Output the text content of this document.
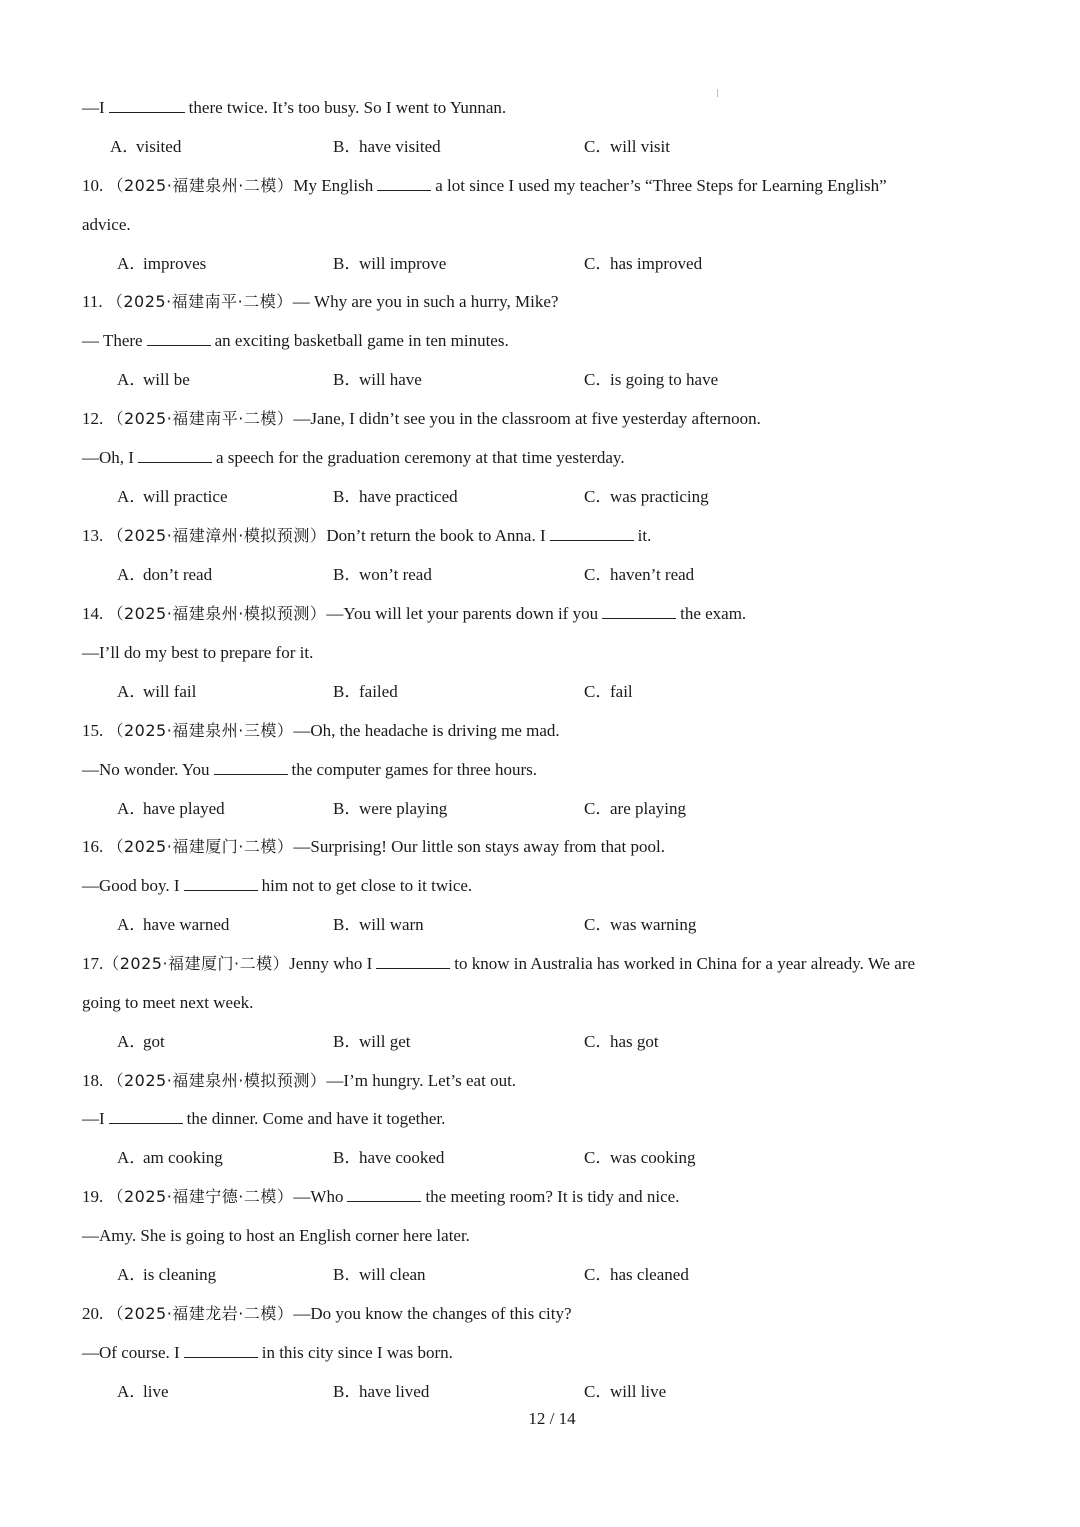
—I	there twice. It’s too busy. So I went to Yunnan.
A．visited	B．have visited	C．will visit
10. （2025·福建泉州·二模）My English	a lot since I used my teacher’s “Three Steps for Learning English”
advice.
A．improves	B．will improve	C．has improved
11. （2025·福建南平·二模）— Why are you in such a hurry, Mike?
— There	an exciting basketball game in ten minutes.
A．will be	B．will have	C．is going to have
12. （2025·福建南平·二模）—Jane, I didn’t see you in the classroom at five yesterday afternoon.
—Oh, I	a speech for the graduation ceremony at that time yesterday.
A．will practice	B．have practiced	C．was practicing
13. （2025·福建漳州·模拟预测）Don’t return the book to Anna. I	it.
A．don’t read	B．won’t read	C．haven’t read
14. （2025·福建泉州·模拟预测）—You will let your parents down if you	the exam.
—I’ll do my best to prepare for it.
A．will fail	B．failed	C．fail
15. （2025·福建泉州·三模）—Oh, the headache is driving me mad.
—No wonder. You	the computer games for three hours.
A．have played	B．were playing	C．are playing
16. （2025·福建厦门·二模）—Surprising! Our little son stays away from that pool.
—Good boy. I	him not to get close to it twice.
A．have warned	B．will warn	C．was warning
17.（2025·福建厦门·二模）Jenny who I	to know in Australia has worked in China for a year already. We are
going to meet next week.
A．got	B．will get	C．has got
18. （2025·福建泉州·模拟预测）—I’m hungry. Let’s eat out.
—I	the dinner. Come and have it together.
A．am cooking	B．have cooked	C．was cooking
19. （2025·福建宁德·二模）—Who	the meeting room? It is tidy and nice.
—Amy. She is going to host an English corner here later.
A．is cleaning	B．will clean	C．has cleaned
20. （2025·福建龙岩·二模）—Do you know the changes of this city?
—Of course. I	in this city since I was born.
A．live	B．have lived	C．will live
12 / 14
